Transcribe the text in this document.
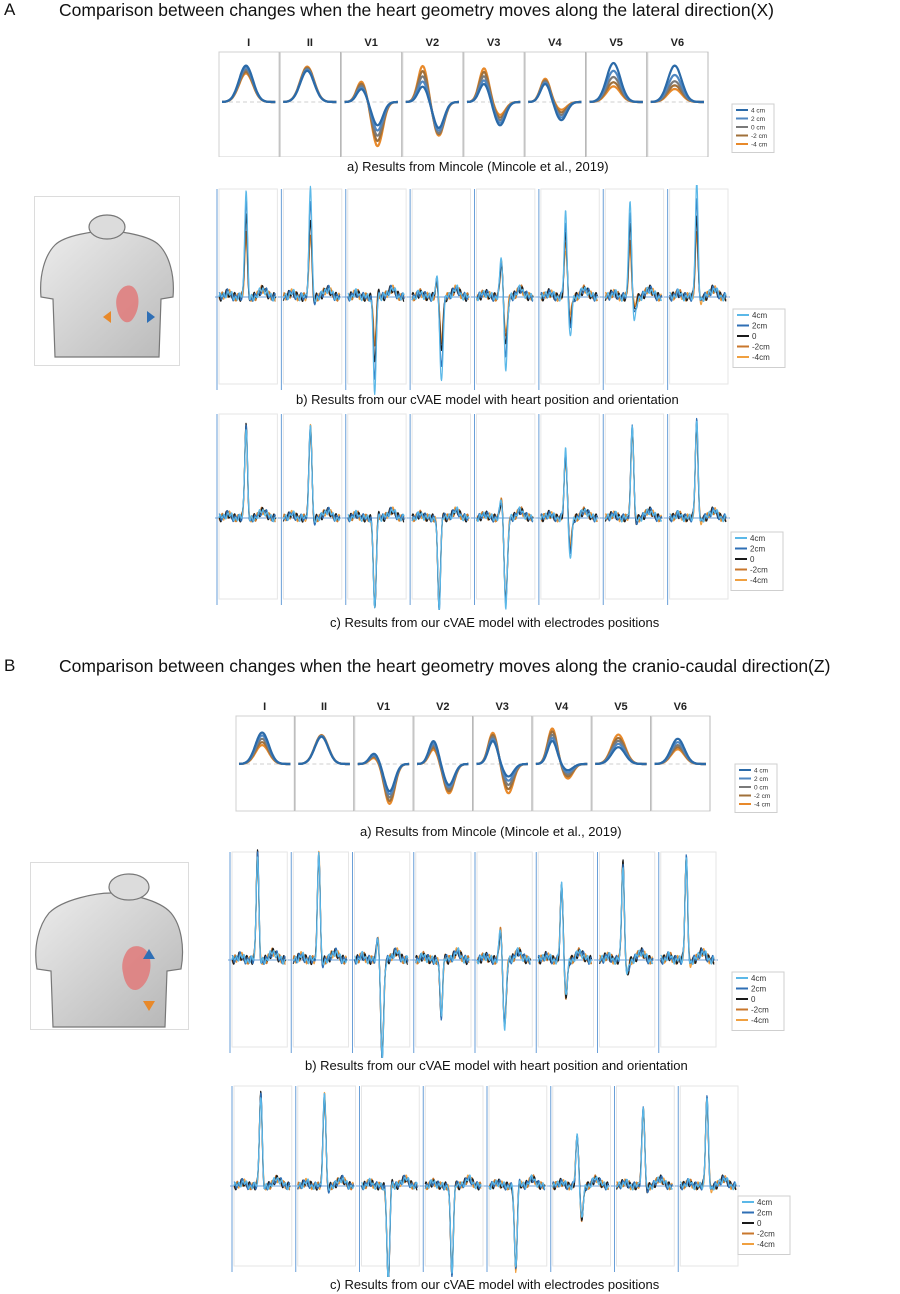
A Comparison between changes when the heart geometry moves along the lateral direction(X)
I	II	V1	V2	V3	V4	V5	V6
4 cm
2 cm
0 cm
-2 cm
-4 cm
a) Results from Mincole (Mincole et al., 2019)
4cm
2cm
0
-2cm
-4cm
b) Results from our cVAE model with heart position and orientation
4cm
2cm
0
-2cm
-4cm
c) Results from our cVAE model with electrodes positions
B Comparison between changes when the heart geometry moves along the cranio-caudal direction(Z)
I	II	V1	V2	V3	V4	V5	V6
4 cm
2 cm
0 cm
-2 cm
-4 cm
a) Results from Mincole (Mincole et al., 2019)
4cm
2cm
0
-2cm
-4cm
b) Results from our cVAE model with heart position and orientation
4cm
2cm
0
-2cm
-4cm
c) Results from our cVAE model with electrodes positions
